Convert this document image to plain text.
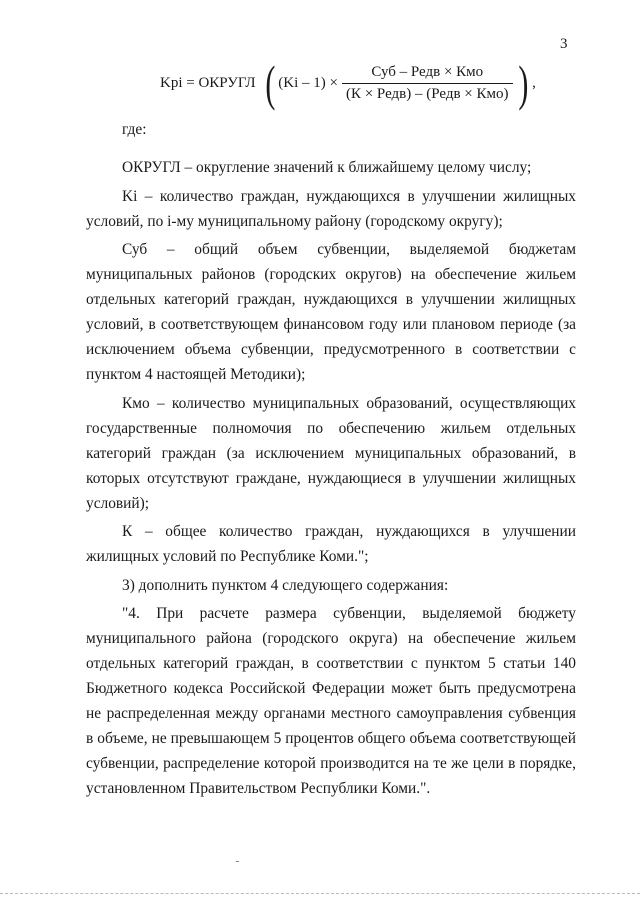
3
Kpi = ОКРУГЛ ( $(Ki - 1) \times \frac{\text{Суб – Редв × Кмо}}{\text{(К × Редв) – (Редв × Кмо)}}$ ) ,

где:

ОКРУГЛ – округление значений к ближайшему целому числу;

Ki – количество граждан, нуждающихся в улучшении жилищных условий, по i-му муниципальному району (городскому округу);

Суб – общий объем субвенции, выделяемой бюджетам муниципальных районов (городских округов) на обеспечение жильем отдельных категорий граждан, нуждающихся в улучшении жилищных условий, в соответствующем финансовом году или плановом периоде (за исключением объема субвенции, предусмотренного в соответствии с пунктом 4 настоящей Методики);

Кмо – количество муниципальных образований, осуществляющих государственные полномочия по обеспечению жильем отдельных категорий граждан (за исключением муниципальных образований, в которых отсутствуют граждане, нуждающиеся в улучшении жилищных условий);

К – общее количество граждан, нуждающихся в улучшении жилищных условий по Республике Коми.";

3) дополнить пунктом 4 следующего содержания:

"4. При расчете размера субвенции, выделяемой бюджету муниципального района (городского округа) на обеспечение жильем отдельных категорий граждан, в соответствии с пунктом 5 статьи 140 Бюджетного кодекса Российской Федерации может быть предусмотрена не распределенная между органами местного самоуправления субвенция в объеме, не превышающем 5 процентов общего объема соответствующей субвенции, распределение которой производится на те же цели в порядке, установленном Правительством Республики Коми.".
